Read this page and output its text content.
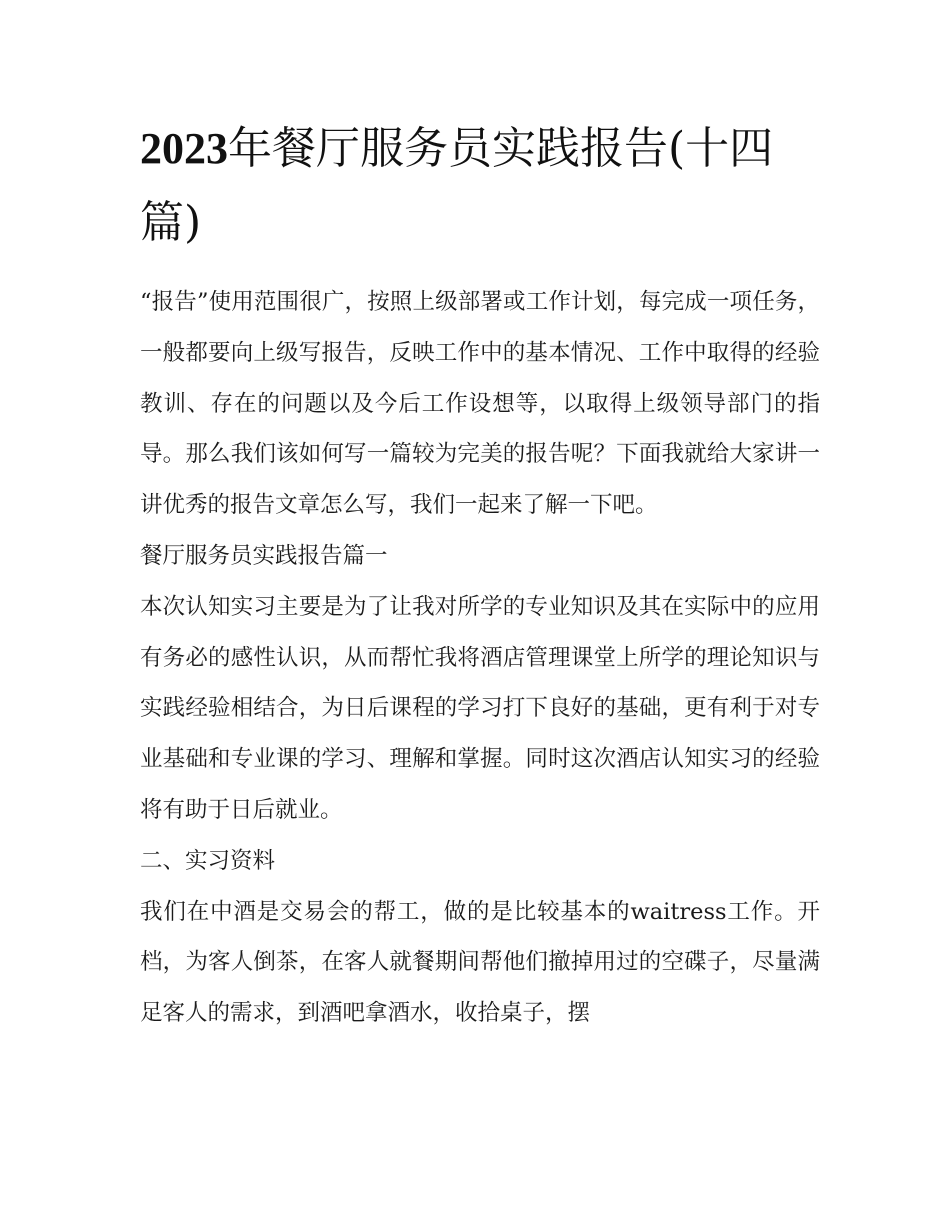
2023年餐厅服务员实践报告(十四篇)

“报告”使用范围很广，按照上级部署或工作计划，每完成一项任务，一般都要向上级写报告，反映工作中的基本情况、工作中取得的经验教训、存在的问题以及今后工作设想等，以取得上级领导部门的指导。那么我们该如何写一篇较为完美的报告呢？下面我就给大家讲一讲优秀的报告文章怎么写，我们一起来了解一下吧。

餐厅服务员实践报告篇一

本次认知实习主要是为了让我对所学的专业知识及其在实际中的应用有务必的感性认识，从而帮忙我将酒店管理课堂上所学的理论知识与实践经验相结合，为日后课程的学习打下良好的基础，更有利于对专业基础和专业课的学习、理解和掌握。同时这次酒店认知实习的经验将有助于日后就业。

二、实习资料

我们在中酒是交易会的帮工，做的是比较基本的waitress工作。开档，为客人倒茶，在客人就餐期间帮他们撤掉用过的空碟子，尽量满足客人的需求，到酒吧拿酒水，收拾桌子，摆
